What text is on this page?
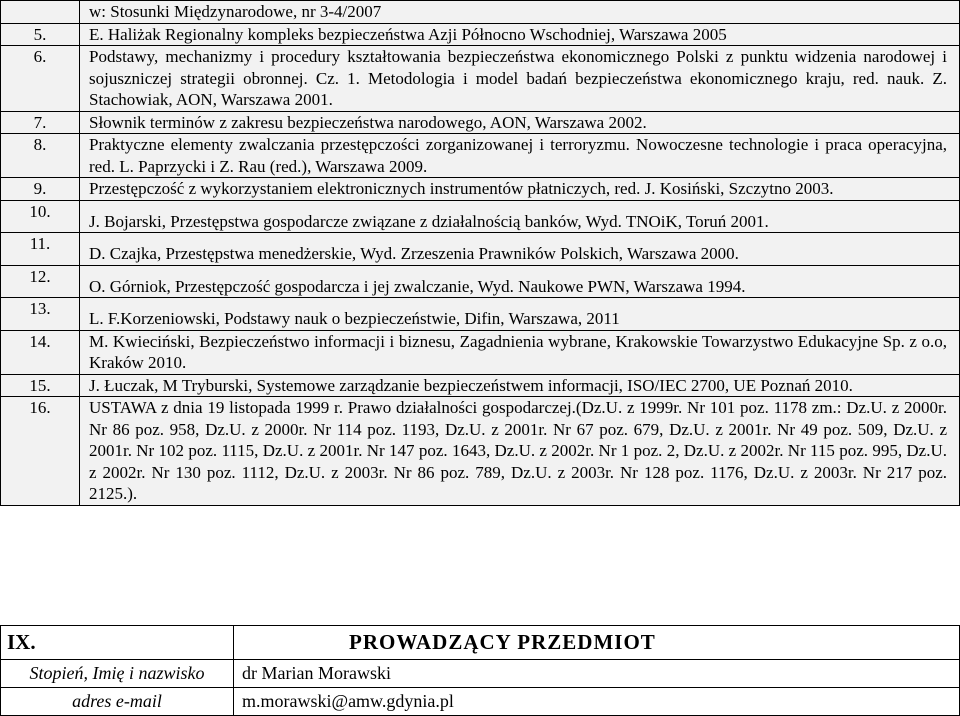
	w: Stosunki Międzynarodowe, nr 3-4/2007
5.	E. Haliżak Regionalny kompleks bezpieczeństwa Azji Północno Wschodniej, Warszawa 2005
6.	Podstawy, mechanizmy i procedury kształtowania bezpieczeństwa ekonomicznego Polski z punktu widzenia narodowej i sojuszniczej strategii obronnej. Cz. 1. Metodologia i model badań bezpieczeństwa ekonomicznego kraju, red. nauk. Z. Stachowiak, AON, Warszawa 2001.
7.	Słownik terminów z zakresu bezpieczeństwa narodowego, AON, Warszawa 2002.
8.	Praktyczne elementy zwalczania przestępczości zorganizowanej i terroryzmu. Nowoczesne technologie i praca operacyjna, red. L. Paprzycki i Z. Rau (red.), Warszawa 2009.
9.	Przestępczość z wykorzystaniem elektronicznych instrumentów płatniczych, red. J. Kosiński, Szczytno 2003.
10.	J. Bojarski, Przestępstwa gospodarcze związane z działalnością banków, Wyd. TNOiK, Toruń 2001.
11.	D. Czajka, Przestępstwa menedżerskie, Wyd. Zrzeszenia Prawników Polskich, Warszawa 2000.
12.	O. Górniok, Przestępczość gospodarcza i jej zwalczanie, Wyd. Naukowe PWN, Warszawa 1994.
13.	L. F.Korzeniowski, Podstawy nauk o bezpieczeństwie, Difin, Warszawa, 2011
14.	M. Kwieciński, Bezpieczeństwo informacji i biznesu, Zagadnienia wybrane, Krakowskie Towarzystwo Edukacyjne Sp. z o.o, Kraków 2010.
15.	J. Łuczak, M Tryburski, Systemowe zarządzanie bezpieczeństwem informacji, ISO/IEC 2700, UE Poznań 2010.
16.	USTAWA z dnia 19 listopada 1999 r. Prawo działalności gospodarczej.(Dz.U. z 1999r. Nr 101 poz. 1178 zm.: Dz.U. z 2000r. Nr 86 poz. 958, Dz.U. z 2000r. Nr 114 poz. 1193, Dz.U. z 2001r. Nr 67 poz. 679, Dz.U. z 2001r. Nr 49 poz. 509, Dz.U. z 2001r. Nr 102 poz. 1115, Dz.U. z 2001r. Nr 147 poz. 1643, Dz.U. z 2002r. Nr 1 poz. 2, Dz.U. z 2002r. Nr 115 poz. 995, Dz.U. z 2002r. Nr 130 poz. 1112, Dz.U. z 2003r. Nr 86 poz. 789, Dz.U. z 2003r. Nr 128 poz. 1176, Dz.U. z 2003r. Nr 217 poz. 2125.).
IX.	PROWADZĄCY PRZEDMIOT
Stopień, Imię i nazwisko	dr Marian Morawski
adres e-mail	m.morawski@amw.gdynia.pl
